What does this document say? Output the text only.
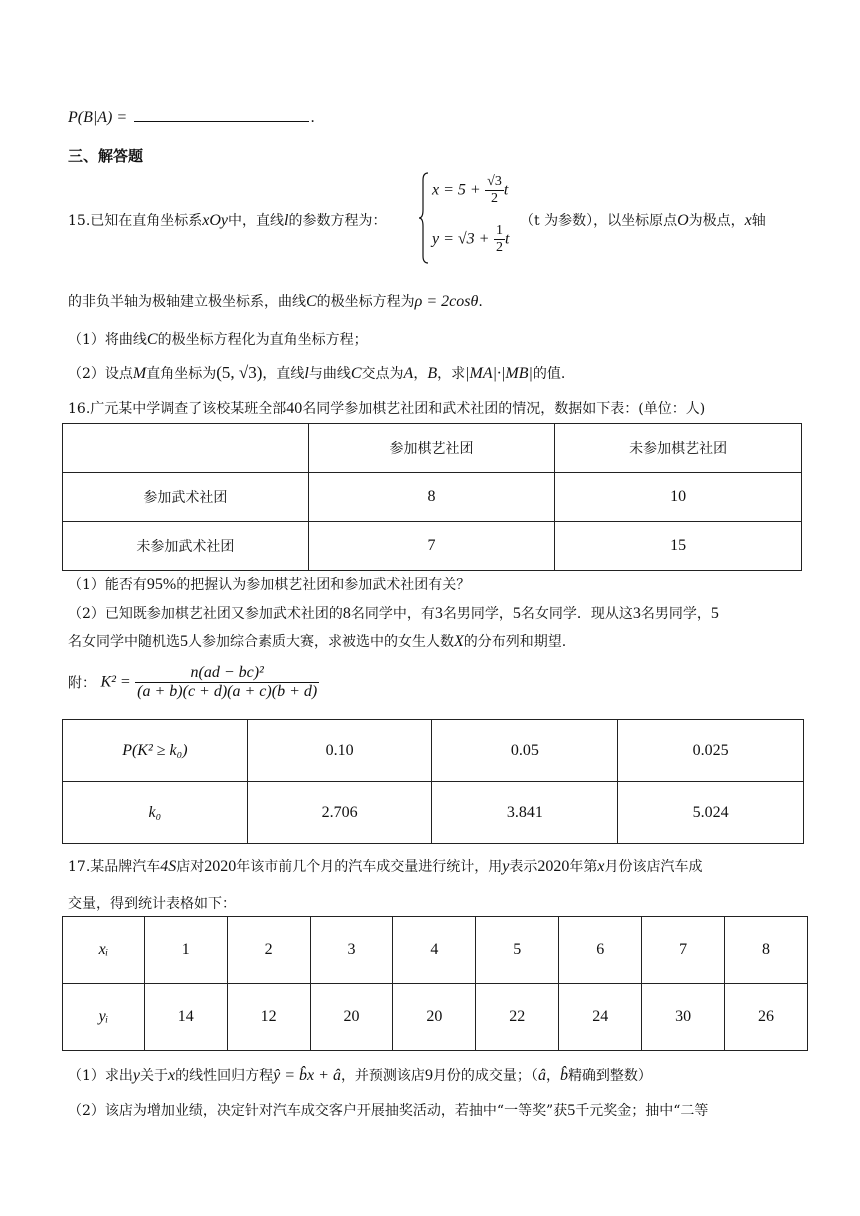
P(B|A) =	.
三、解答题
15.已知在直角坐标系xOy中，直线l的参数方程为：
$x = 5 + \frac{√3}{2}$ t
$y = √3 + \frac{1}{2}$ t
（t 为参数），以坐标原点O为极点，x轴
的非负半轴为极轴建立极坐标系，曲线C的极坐标方程为ρ = 2cosθ.
（1）将曲线C的极坐标方程化为直角坐标方程；
（2）设点M直角坐标为(5, √3)，直线l与曲线C交点为A，B，求|MA|·|MB|的值.
16.广元某中学调查了该校某班全部40名同学参加棋艺社团和武术社团的情况，数据如下表：(单位：人)
	参加棋艺社团	未参加棋艺社团
参加武术社团	8	10
未参加武术社团	7	15
（1）能否有95%的把握认为参加棋艺社团和参加武术社团有关？
（2）已知既参加棋艺社团又参加武术社团的8名同学中，有3名男同学，5名女同学．现从这3名男同学，5
名女同学中随机选5人参加综合素质大赛，求被选中的女生人数X的分布列和期望.
附： $K^2 = \frac{\text{n(ad − bc)²}}{(a + b)(c + d)(a + c)(b + d)}$
P(K² ≥ k₀)	0.10	0.05	0.025
k₀	2.706	3.841	5.024
17.某品牌汽车4S店对2020年该市前几个月的汽车成交量进行统计，用y表示2020年第x月份该店汽车成
交量，得到统计表格如下：
xᵢ	1	2	3	4	5	6	7	8
yᵢ	14	12	20	20	22	24	30	26
（1）求出y关于x的线性回归方程ŷ = b̂x + â，并预测该店9月份的成交量；（â，b̂精确到整数）
（2）该店为增加业绩，决定针对汽车成交客户开展抽奖活动，若抽中“一等奖”获5千元奖金；抽中“二等
